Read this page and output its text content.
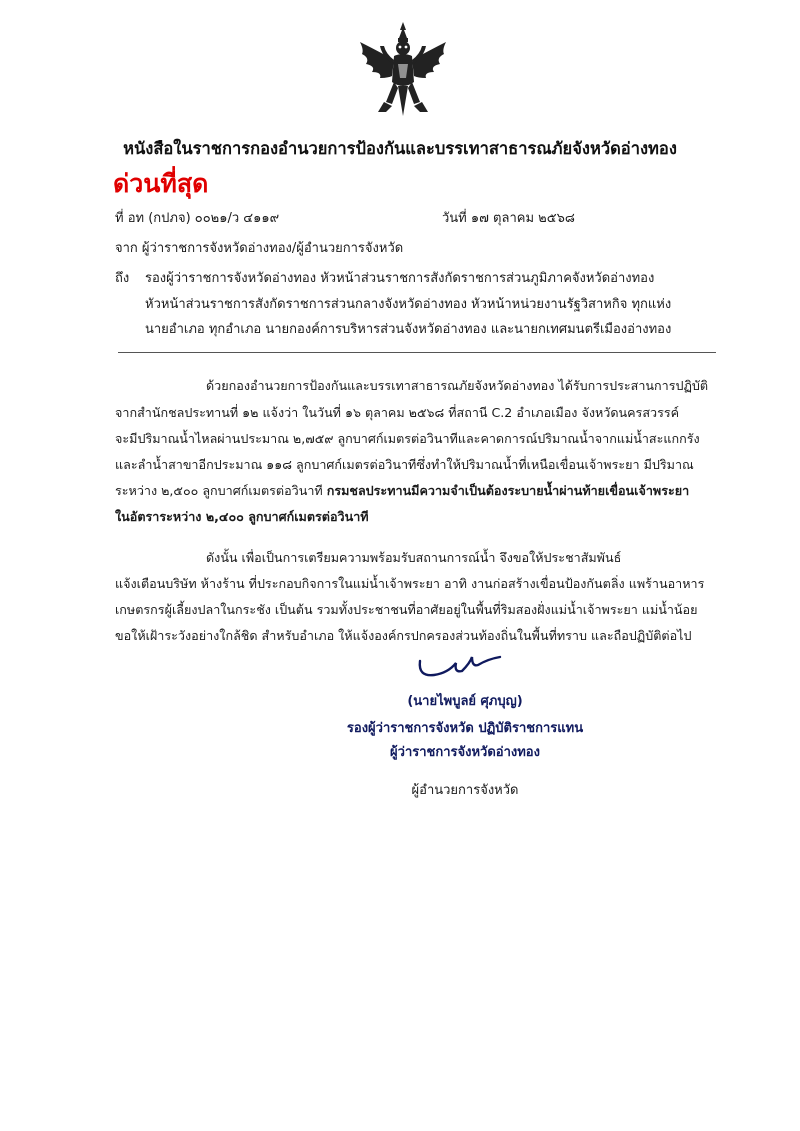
หนังสือในราชการกองอำนวยการป้องกันและบรรเทาสาธารณภัยจังหวัดอ่างทอง
ด่วนที่สุด
ที่ อท (กปภจ) ๐๐๒๑/ว ๔๑๑๙	วันที่ ๑๗ ตุลาคม ๒๕๖๘
จาก ผู้ว่าราชการจังหวัดอ่างทอง/ผู้อำนวยการจังหวัด
ถึง รองผู้ว่าราชการจังหวัดอ่างทอง หัวหน้าส่วนราชการสังกัดราชการส่วนภูมิภาคจังหวัดอ่างทอง
หัวหน้าส่วนราชการสังกัดราชการส่วนกลางจังหวัดอ่างทอง หัวหน้าหน่วยงานรัฐวิสาหกิจ ทุกแห่ง
นายอำเภอ ทุกอำเภอ นายกองค์การบริหารส่วนจังหวัดอ่างทอง และนายกเทศมนตรีเมืองอ่างทอง
ด้วยกองอำนวยการป้องกันและบรรเทาสาธารณภัยจังหวัดอ่างทอง ได้รับการประสานการปฏิบัติ
จากสำนักชลประทานที่ ๑๒ แจ้งว่า ในวันที่ ๑๖ ตุลาคม ๒๕๖๘ ที่สถานี C.2 อำเภอเมือง จังหวัดนครสวรรค์
จะมีปริมาณน้ำไหลผ่านประมาณ ๒,๗๕๙ ลูกบาศก์เมตรต่อวินาทีและคาดการณ์ปริมาณน้ำจากแม่น้ำสะแกกรัง
และลำน้ำสาขาอีกประมาณ ๑๑๘ ลูกบาศก์เมตรต่อวินาทีซึ่งทำให้ปริมาณน้ำที่เหนือเขื่อนเจ้าพระยา มีปริมาณ
ระหว่าง ๒,๕๐๐ ลูกบาศก์เมตรต่อวินาที กรมชลประทานมีความจำเป็นต้องระบายน้ำผ่านท้ายเขื่อนเจ้าพระยา
ในอัตราระหว่าง ๒,๔๐๐ ลูกบาศก์เมตรต่อวินาที
ดังนั้น เพื่อเป็นการเตรียมความพร้อมรับสถานการณ์น้ำ จึงขอให้ประชาสัมพันธ์
แจ้งเตือนบริษัท ห้างร้าน ที่ประกอบกิจการในแม่น้ำเจ้าพระยา อาทิ งานก่อสร้างเขื่อนป้องกันตลิ่ง แพร้านอาหาร
เกษตรกรผู้เลี้ยงปลาในกระชัง เป็นต้น รวมทั้งประชาชนที่อาศัยอยู่ในพื้นที่ริมสองฝั่งแม่น้ำเจ้าพระยา แม่น้ำน้อย
ขอให้เฝ้าระวังอย่างใกล้ชิด สำหรับอำเภอ ให้แจ้งองค์กรปกครองส่วนท้องถิ่นในพื้นที่ทราบ และถือปฏิบัติต่อไป
(นายไพบูลย์ ศุภบุญ)
รองผู้ว่าราชการจังหวัด ปฏิบัติราชการแทน
ผู้ว่าราชการจังหวัดอ่างทอง
ผู้อำนวยการจังหวัด
